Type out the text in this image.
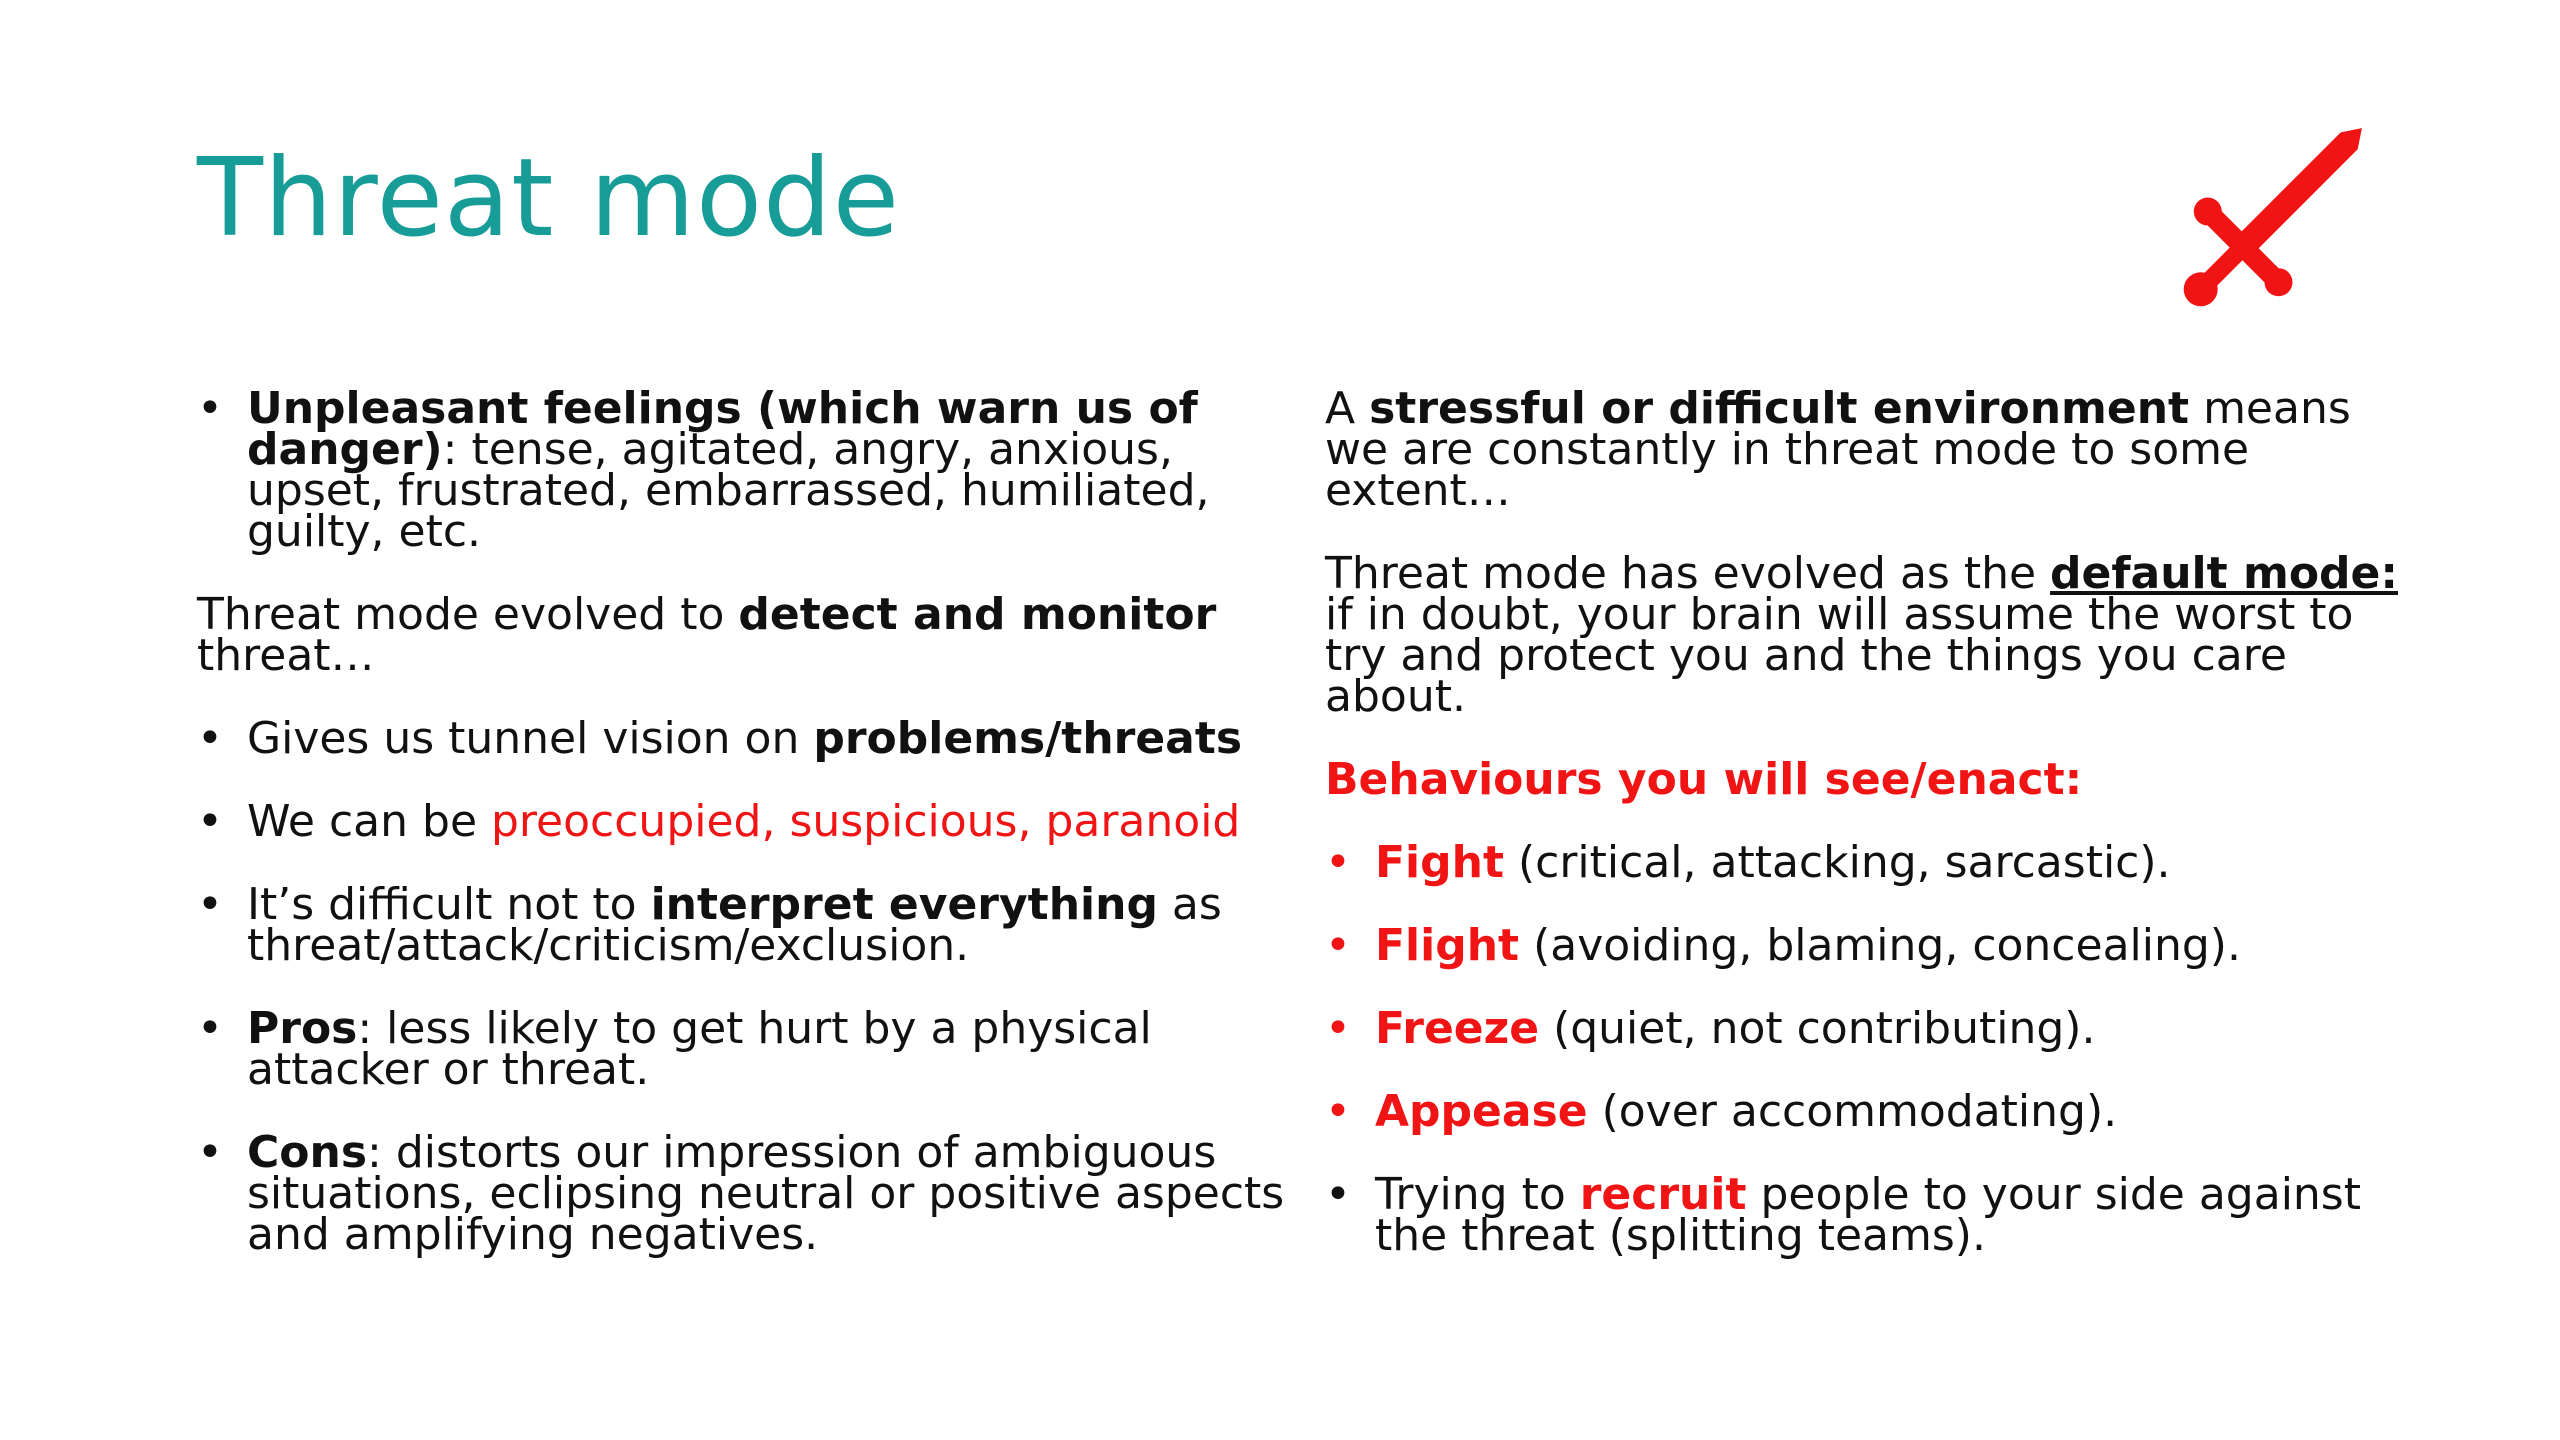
Threat mode
• Unpleasant feelings (which warn us of danger): tense, agitated, angry, anxious, upset, frustrated, embarrassed, humiliated, guilty, etc.

Threat mode evolved to detect and monitor threat…

• Gives us tunnel vision on problems/threats
• We can be preoccupied, suspicious, paranoid
• It’s difficult not to interpret everything as threat/attack/criticism/exclusion.
• Pros: less likely to get hurt by a physical attacker or threat.
• Cons: distorts our impression of ambiguous situations, eclipsing neutral or positive aspects and amplifying negatives.

A stressful or difficult environment means we are constantly in threat mode to some extent…

Threat mode has evolved as the default mode: if in doubt, your brain will assume the worst to try and protect you and the things you care about.

Behaviours you will see/enact:

• Fight (critical, attacking, sarcastic).
• Flight (avoiding, blaming, concealing).
• Freeze (quiet, not contributing).
• Appease (over accommodating).
• Trying to recruit people to your side against the threat (splitting teams).
